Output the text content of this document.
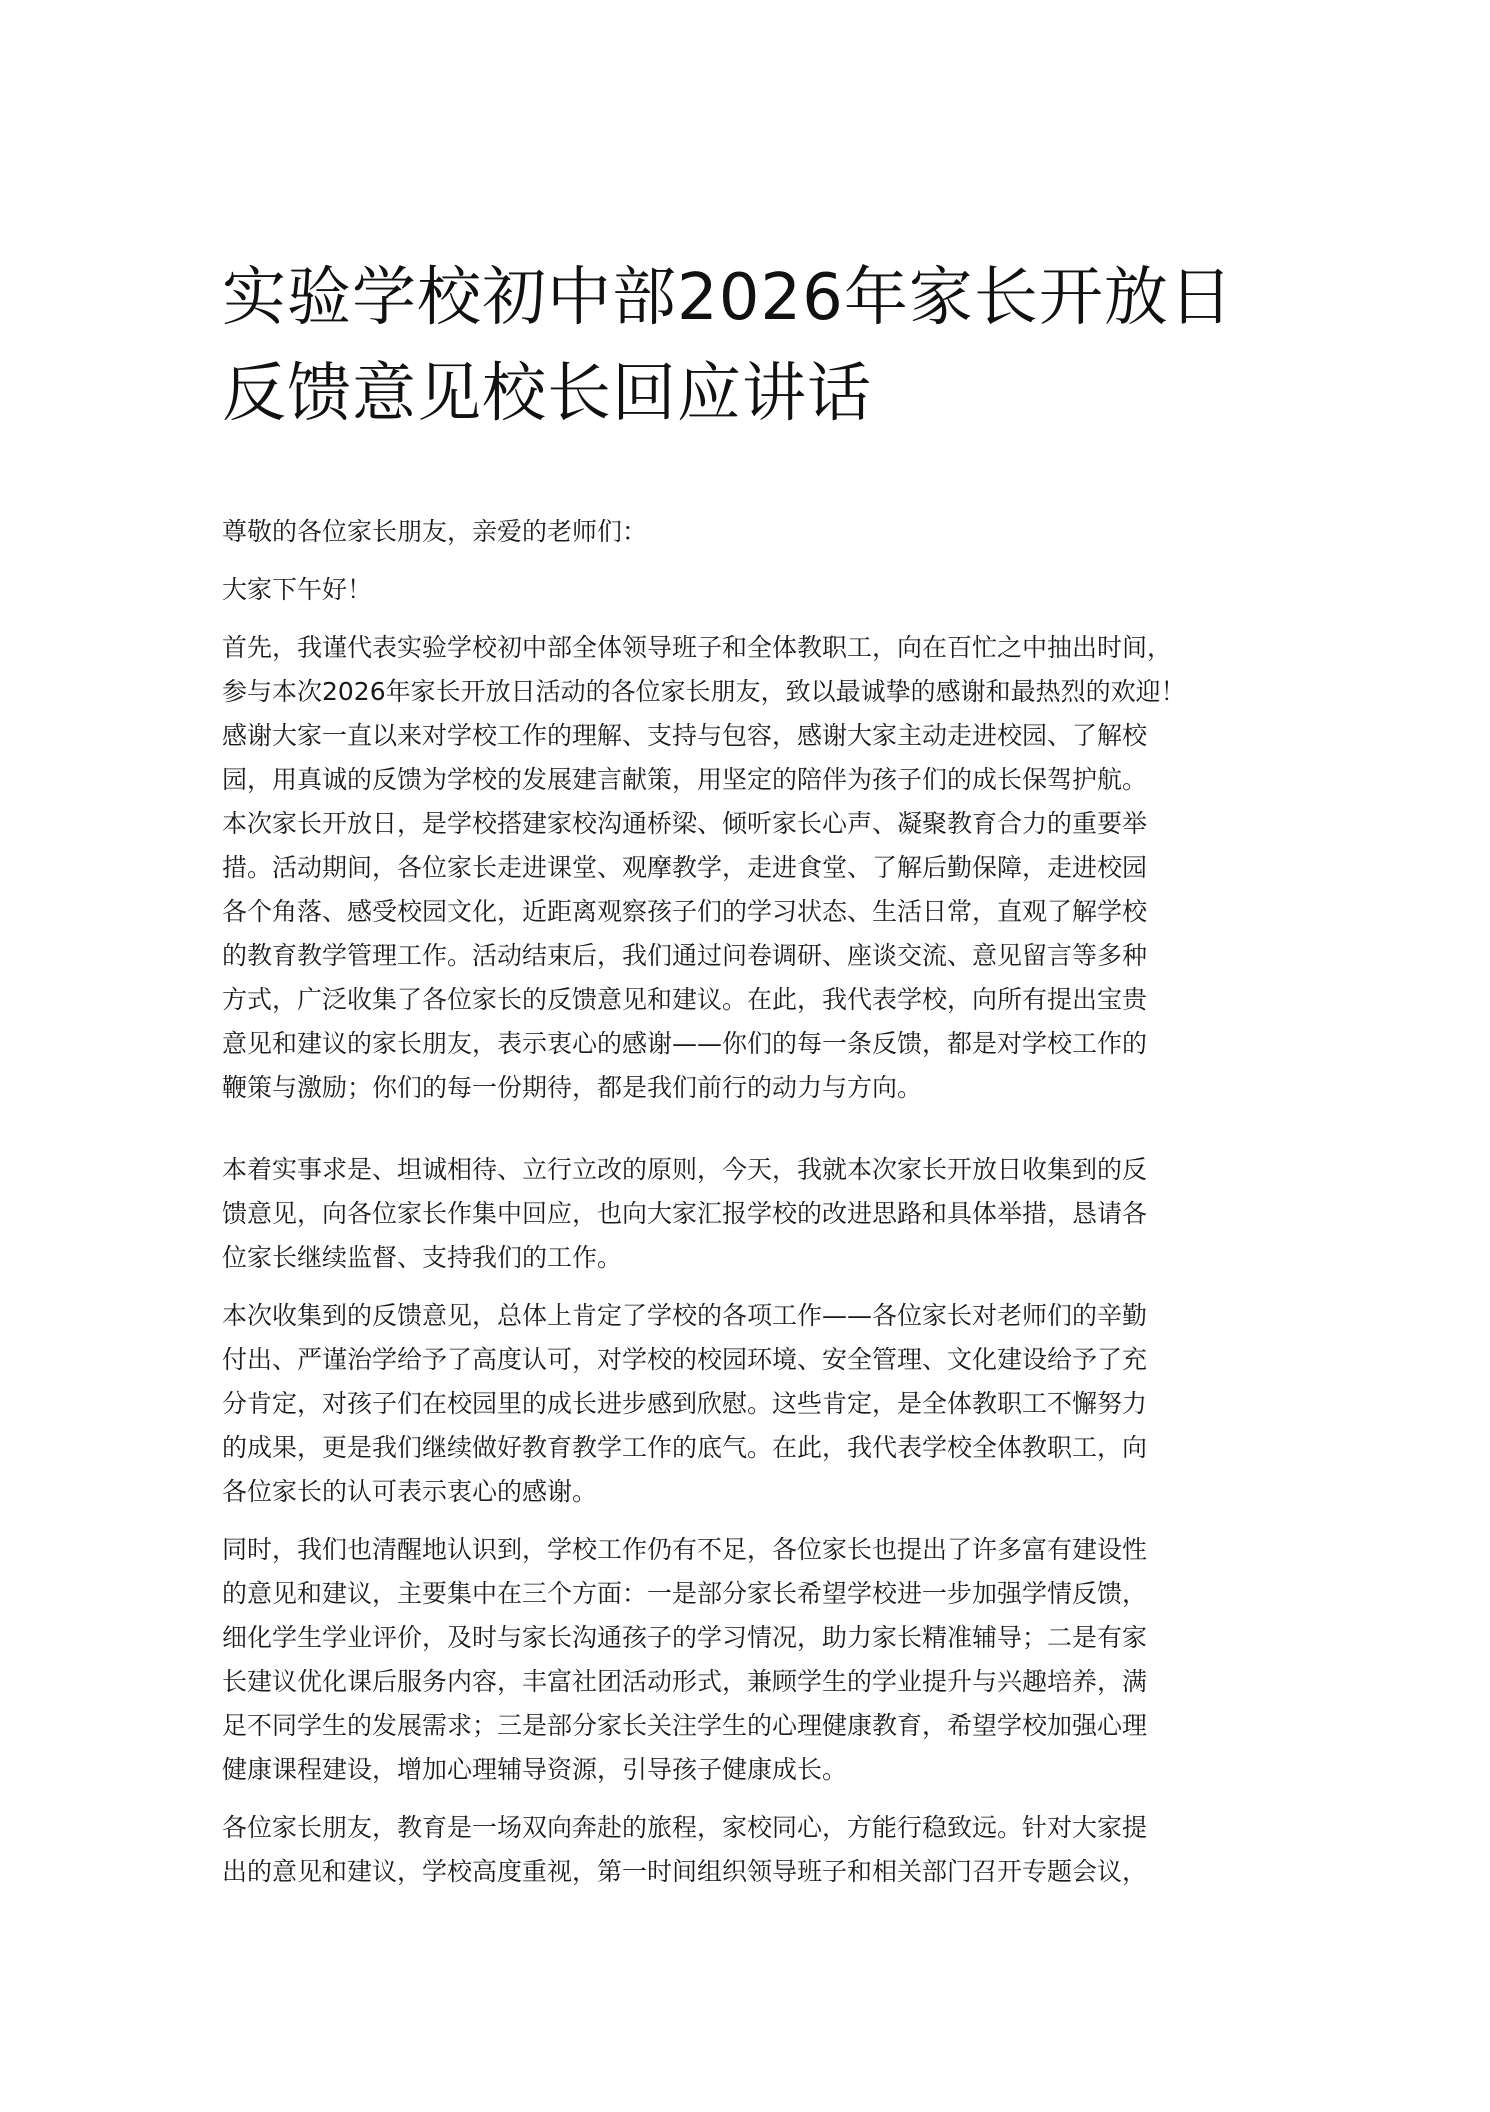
实验学校初中部2026年家长开放日
反馈意见校长回应讲话
尊敬的各位家长朋友，亲爱的老师们：
大家下午好！
首先，我谨代表实验学校初中部全体领导班子和全体教职工，向在百忙之中抽出时间，
参与本次2026年家长开放日活动的各位家长朋友，致以最诚挚的感谢和最热烈的欢迎！
感谢大家一直以来对学校工作的理解、支持与包容，感谢大家主动走进校园、了解校
园，用真诚的反馈为学校的发展建言献策，用坚定的陪伴为孩子们的成长保驾护航。
本次家长开放日，是学校搭建家校沟通桥梁、倾听家长心声、凝聚教育合力的重要举
措。活动期间，各位家长走进课堂、观摩教学，走进食堂、了解后勤保障，走进校园
各个角落、感受校园文化，近距离观察孩子们的学习状态、生活日常，直观了解学校
的教育教学管理工作。活动结束后，我们通过问卷调研、座谈交流、意见留言等多种
方式，广泛收集了各位家长的反馈意见和建议。在此，我代表学校，向所有提出宝贵
意见和建议的家长朋友，表示衷心的感谢——你们的每一条反馈，都是对学校工作的
鞭策与激励；你们的每一份期待，都是我们前行的动力与方向。
本着实事求是、坦诚相待、立行立改的原则，今天，我就本次家长开放日收集到的反
馈意见，向各位家长作集中回应，也向大家汇报学校的改进思路和具体举措，恳请各
位家长继续监督、支持我们的工作。
本次收集到的反馈意见，总体上肯定了学校的各项工作——各位家长对老师们的辛勤
付出、严谨治学给予了高度认可，对学校的校园环境、安全管理、文化建设给予了充
分肯定，对孩子们在校园里的成长进步感到欣慰。这些肯定，是全体教职工不懈努力
的成果，更是我们继续做好教育教学工作的底气。在此，我代表学校全体教职工，向
各位家长的认可表示衷心的感谢。
同时，我们也清醒地认识到，学校工作仍有不足，各位家长也提出了许多富有建设性
的意见和建议，主要集中在三个方面：一是部分家长希望学校进一步加强学情反馈，
细化学生学业评价，及时与家长沟通孩子的学习情况，助力家长精准辅导；二是有家
长建议优化课后服务内容，丰富社团活动形式，兼顾学生的学业提升与兴趣培养，满
足不同学生的发展需求；三是部分家长关注学生的心理健康教育，希望学校加强心理
健康课程建设，增加心理辅导资源，引导孩子健康成长。
各位家长朋友，教育是一场双向奔赴的旅程，家校同心，方能行稳致远。针对大家提
出的意见和建议，学校高度重视，第一时间组织领导班子和相关部门召开专题会议，
